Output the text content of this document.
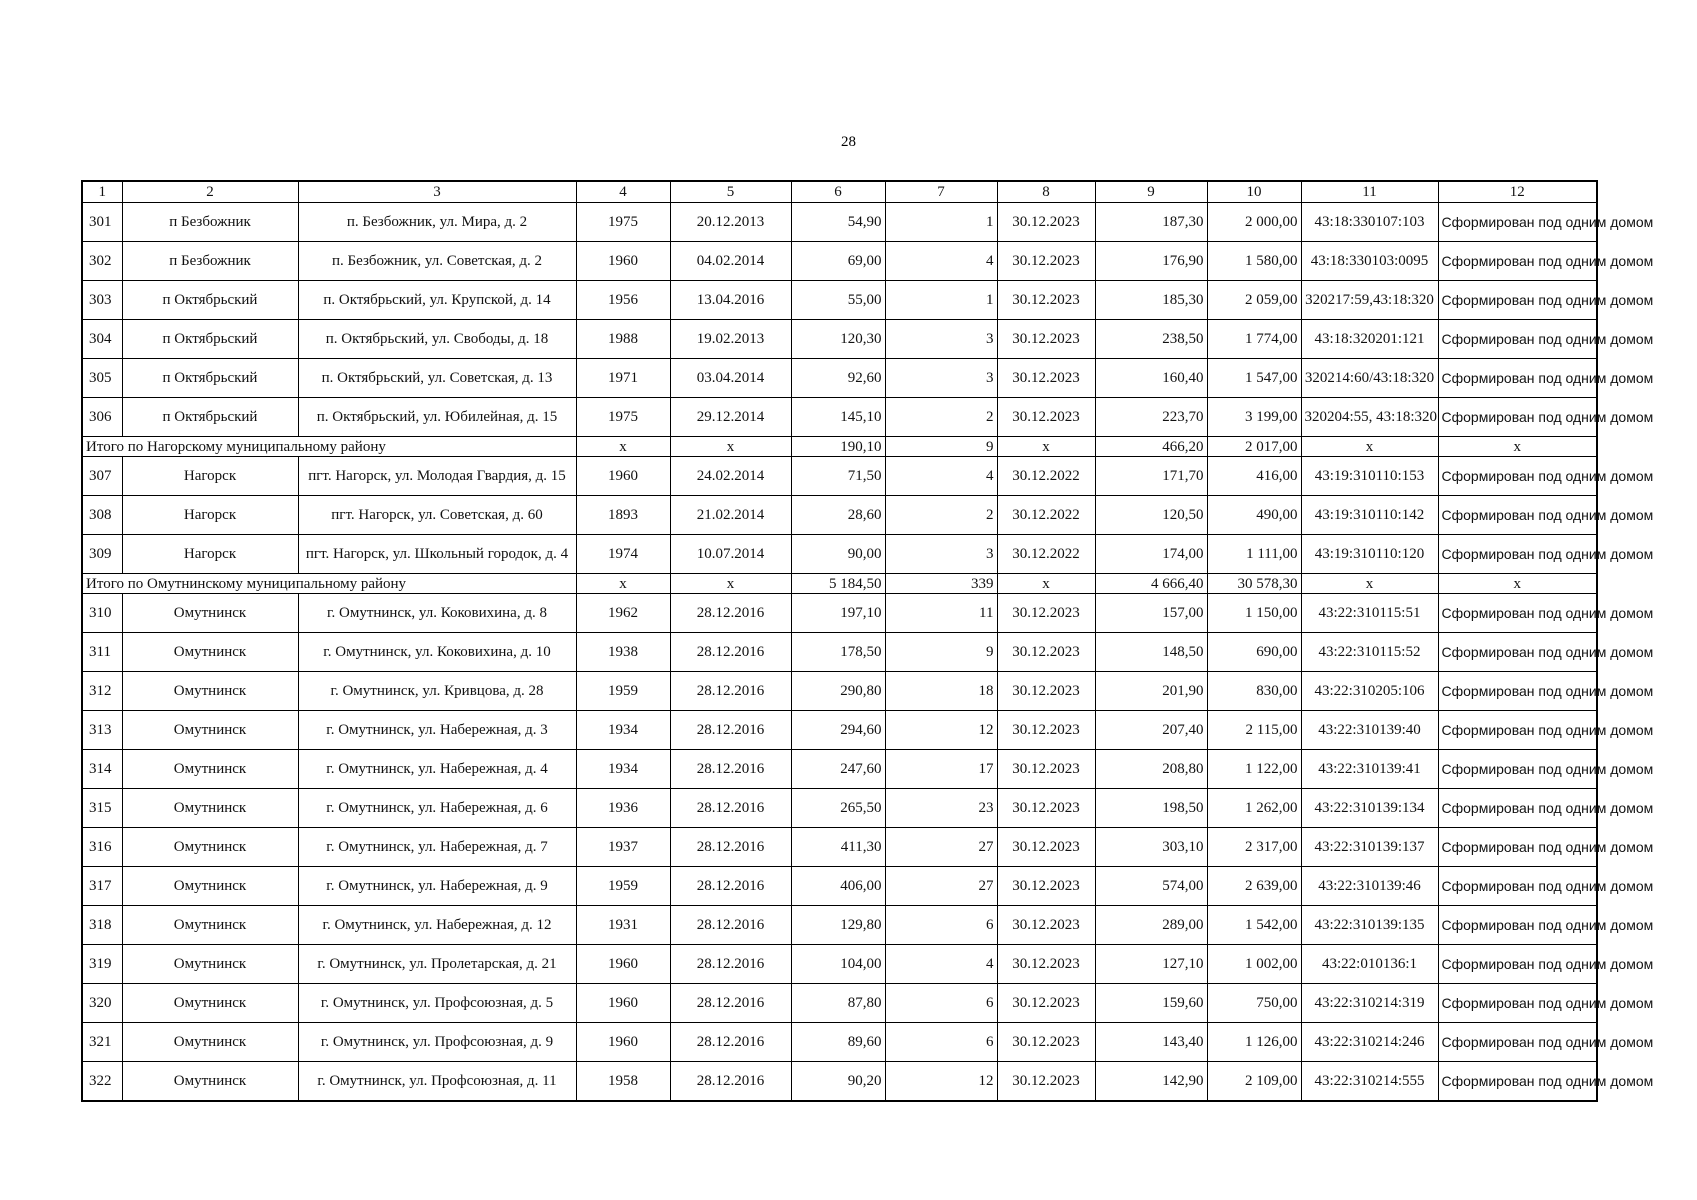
28
1	2	3	4	5	6	7	8	9	10	11	12
301	п Безбожник	п. Безбожник, ул. Мира, д. 2	1975	20.12.2013	54,90	1	30.12.2023	187,30	2 000,00	43:18:330107:103	Сформирован под одним домом
302	п Безбожник	п. Безбожник, ул. Советская, д. 2	1960	04.02.2014	69,00	4	30.12.2023	176,90	1 580,00	43:18:330103:0095	Сформирован под одним домом
303	п Октябрьский	п. Октябрьский, ул. Крупской, д. 14	1956	13.04.2016	55,00	1	30.12.2023	185,30	2 059,00	320217:59,43:18:320	Сформирован под одним домом
304	п Октябрьский	п. Октябрьский, ул. Свободы, д. 18	1988	19.02.2013	120,30	3	30.12.2023	238,50	1 774,00	43:18:320201:121	Сформирован под одним домом
305	п Октябрьский	п. Октябрьский, ул. Советская, д. 13	1971	03.04.2014	92,60	3	30.12.2023	160,40	1 547,00	320214:60/43:18:320	Сформирован под одним домом
306	п Октябрьский	п. Октябрьский, ул. Юбилейная, д. 15	1975	29.12.2014	145,10	2	30.12.2023	223,70	3 199,00	320204:55, 43:18:320	Сформирован под одним домом
Итого по Нагорскому муниципальному району			х	х	190,10	9	х	466,20	2 017,00	х	х
307	Нагорск	пгт. Нагорск, ул. Молодая Гвардия, д. 15	1960	24.02.2014	71,50	4	30.12.2022	171,70	416,00	43:19:310110:153	Сформирован под одним домом
308	Нагорск	пгт. Нагорск, ул. Советская, д. 60	1893	21.02.2014	28,60	2	30.12.2022	120,50	490,00	43:19:310110:142	Сформирован под одним домом
309	Нагорск	пгт. Нагорск, ул. Школьный городок, д. 4	1974	10.07.2014	90,00	3	30.12.2022	174,00	1 111,00	43:19:310110:120	Сформирован под одним домом
Итого по Омутнинскому муниципальному району			х	х	5 184,50	339	х	4 666,40	30 578,30	х	х
310	Омутнинск	г. Омутнинск, ул. Коковихина, д. 8	1962	28.12.2016	197,10	11	30.12.2023	157,00	1 150,00	43:22:310115:51	Сформирован под одним домом
311	Омутнинск	г. Омутнинск, ул. Коковихина, д. 10	1938	28.12.2016	178,50	9	30.12.2023	148,50	690,00	43:22:310115:52	Сформирован под одним домом
312	Омутнинск	г. Омутнинск, ул. Кривцова, д. 28	1959	28.12.2016	290,80	18	30.12.2023	201,90	830,00	43:22:310205:106	Сформирован под одним домом
313	Омутнинск	г. Омутнинск, ул. Набережная, д. 3	1934	28.12.2016	294,60	12	30.12.2023	207,40	2 115,00	43:22:310139:40	Сформирован под одним домом
314	Омутнинск	г. Омутнинск, ул. Набережная, д. 4	1934	28.12.2016	247,60	17	30.12.2023	208,80	1 122,00	43:22:310139:41	Сформирован под одним домом
315	Омутнинск	г. Омутнинск, ул. Набережная, д. 6	1936	28.12.2016	265,50	23	30.12.2023	198,50	1 262,00	43:22:310139:134	Сформирован под одним домом
316	Омутнинск	г. Омутнинск, ул. Набережная, д. 7	1937	28.12.2016	411,30	27	30.12.2023	303,10	2 317,00	43:22:310139:137	Сформирован под одним домом
317	Омутнинск	г. Омутнинск, ул. Набережная, д. 9	1959	28.12.2016	406,00	27	30.12.2023	574,00	2 639,00	43:22:310139:46	Сформирован под одним домом
318	Омутнинск	г. Омутнинск, ул. Набережная, д. 12	1931	28.12.2016	129,80	6	30.12.2023	289,00	1 542,00	43:22:310139:135	Сформирован под одним домом
319	Омутнинск	г. Омутнинск, ул. Пролетарская, д. 21	1960	28.12.2016	104,00	4	30.12.2023	127,10	1 002,00	43:22:010136:1	Сформирован под одним домом
320	Омутнинск	г. Омутнинск, ул. Профсоюзная, д. 5	1960	28.12.2016	87,80	6	30.12.2023	159,60	750,00	43:22:310214:319	Сформирован под одним домом
321	Омутнинск	г. Омутнинск, ул. Профсоюзная, д. 9	1960	28.12.2016	89,60	6	30.12.2023	143,40	1 126,00	43:22:310214:246	Сформирован под одним домом
322	Омутнинск	г. Омутнинск, ул. Профсоюзная, д. 11	1958	28.12.2016	90,20	12	30.12.2023	142,90	2 109,00	43:22:310214:555	Сформирован под одним домом
